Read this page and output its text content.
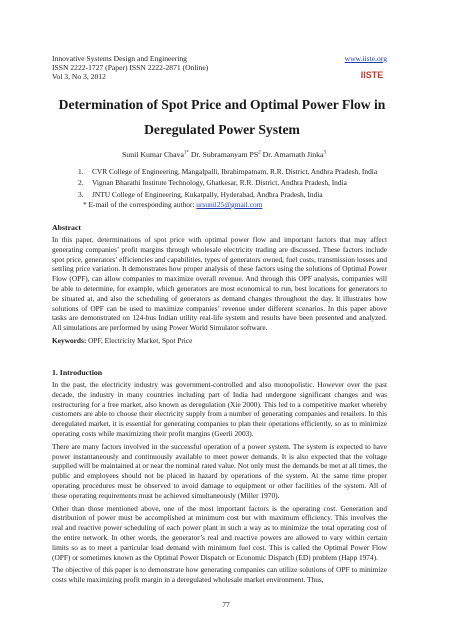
Innovative Systems Design and Engineering
ISSN 2222-1727 (Paper) ISSN 2222-2871 (Online)
Vol 3, No 3, 2012
www.iiste.org
IISTE
Determination of Spot Price and Optimal Power Flow in
Deregulated Power System
Sunil Kumar Chava$^{1*}$ Dr. Subramanyam $PS^2$ Dr. Amarnath Jinka$^3$
1. CVR College of Engineering, Mangalpalli, Ibrahimpatnam, R.R. District, Andhra Pradesh, India
2. Vignan Bharathi Institute Technology, Ghatkesar, R.R. District, Andhra Pradesh, India
3. JNTU College of Engineering, Kukatpally, Hyderabad, Andhra Pradesh, India
* E-mail of the corresponding author: ursunil25@gmail.com
Abstract

In this paper, determinations of spot price with optimal power flow and important factors that may affect generating companies’ profit margins through wholesale electricity trading are discussed. These factors include spot price, generators’ efficiencies and capabilities, types of generators owned, fuel costs, transmission losses and settling price variation. It demonstrates how proper analysis of these factors using the solutions of Optimal Power Flow (OPF), can allow companies to maximize overall revenue. And through this OPF analysis, companies will be able to determine, for example, which generators are most economical to run, best locations for generators to be situated at, and also the scheduling of generators as demand changes throughout the day. It illustrates how solutions of OPF can be used to maximize companies’ revenue under different scenarios. In this paper above tasks are demonstrated on 124-bus Indian utility real-life system and results have been presented and analyzed. All simulations are performed by using Power World Simulator software.

Keywords: OPF, Electricity Market, Spot Price

1. Introduction

In the past, the electricity industry was government-controlled and also monopolistic. However over the past decade, the industry in many countries including part of India had undergone significant changes and was restructuring for a free market, also known as deregulation (Xie 2000). This led to a competitive market whereby customers are able to choose their electricity supply from a number of generating companies and retailers. In this deregulated market, it is essential for generating companies to plan their operations efficiently, so as to minimize operating costs while maximizing their profit margins (Geerli 2003).

There are many factors involved in the successful operation of a power system. The system is expected to have power instantaneously and continuously available to meet power demands. It is also expected that the voltage supplied will be maintained at or near the nominal rated value. Not only must the demands be met at all times, the public and employees should not be placed in hazard by operations of the system. At the same time proper operating procedures must be observed to avoid damage to equipment or other facilities of the system. All of these operating requirements must be achieved simultaneously (Miller 1970).

Other than those mentioned above, one of the most important factors is the operating cost. Generation and distribution of power must be accomplished at minimum cost but with maximum efficiency. This involves the real and reactive power scheduling of each power plant in such a way as to minimize the total operating cost of the entire network. In other words, the generator’s real and reactive powers are allowed to vary within certain limits so as to meet a particular load demand with minimum fuel cost. This is called the Optimal Power Flow (OPF) or sometimes known as the Optimal Power Dispatch or Economic Dispatch (ED) problem (Happ 1974).

The objective of this paper is to demonstrate how generating companies can utilize solutions of OPF to minimize costs while maximizing profit margin in a deregulated wholesale market environment. Thus,

77
